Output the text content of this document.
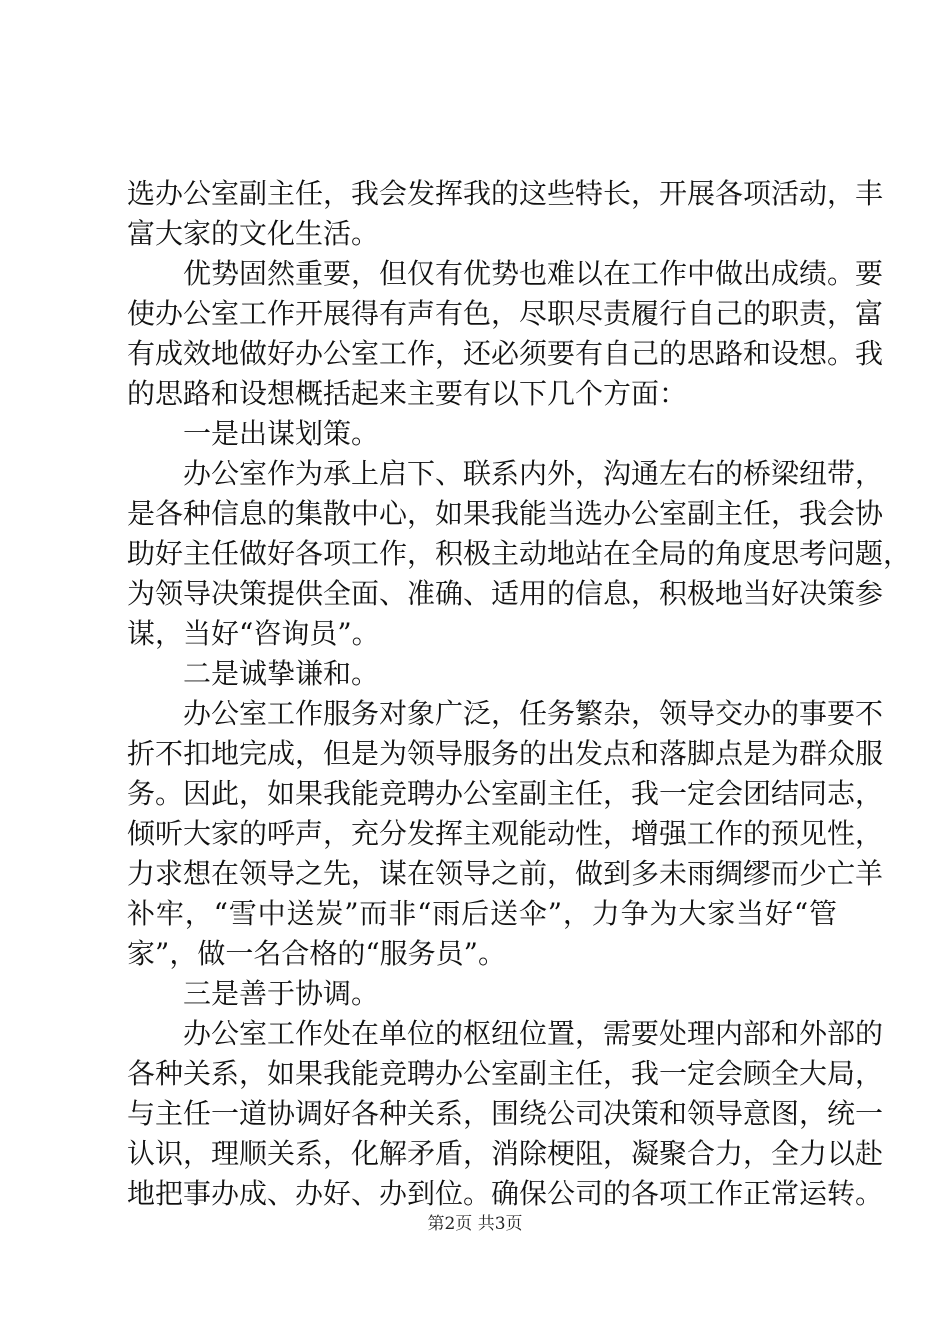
选办公室副主任，我会发挥我的这些特长，开展各项活动，丰
富大家的文化生活。
优势固然重要，但仅有优势也难以在工作中做出成绩。要
使办公室工作开展得有声有色，尽职尽责履行自己的职责，富
有成效地做好办公室工作，还必须要有自己的思路和设想。我
的思路和设想概括起来主要有以下几个方面：
一是出谋划策。
办公室作为承上启下、联系内外，沟通左右的桥梁纽带，
是各种信息的集散中心，如果我能当选办公室副主任，我会协
助好主任做好各项工作，积极主动地站在全局的角度思考问题，
为领导决策提供全面、准确、适用的信息，积极地当好决策参
谋，当好“咨询员”。
二是诚挚谦和。
办公室工作服务对象广泛，任务繁杂，领导交办的事要不
折不扣地完成，但是为领导服务的出发点和落脚点是为群众服
务。因此，如果我能竞聘办公室副主任，我一定会团结同志，
倾听大家的呼声，充分发挥主观能动性，增强工作的预见性，
力求想在领导之先，谋在领导之前，做到多未雨绸缪而少亡羊
补牢，“雪中送炭”而非“雨后送伞”，力争为大家当好“管
家”，做一名合格的“服务员”。
三是善于协调。
办公室工作处在单位的枢纽位置，需要处理内部和外部的
各种关系，如果我能竞聘办公室副主任，我一定会顾全大局，
与主任一道协调好各种关系，围绕公司决策和领导意图，统一
认识，理顺关系，化解矛盾，消除梗阻，凝聚合力，全力以赴
地把事办成、办好、办到位。确保公司的各项工作正常运转。
第2页 共3页
